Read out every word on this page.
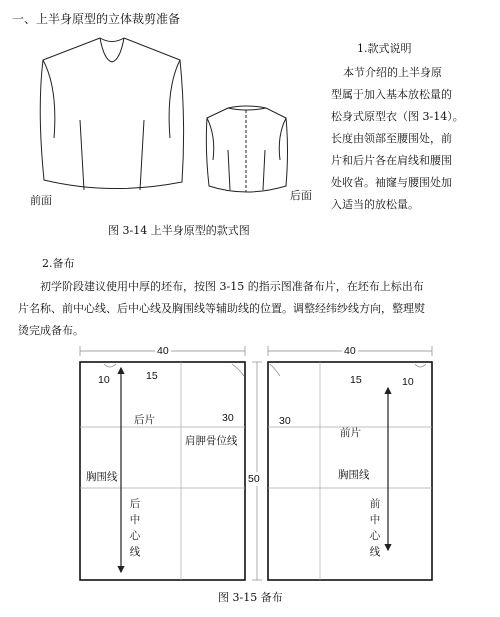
一、上半身原型的立体裁剪准备
前面	后面
图 3-14 上半身原型的款式图
1.款式说明
本节介绍的上半身原
型属于加入基本放松量的
松身式原型衣（图 3-14）。
长度由领部至腰围处，前
片和后片各在肩线和腰围
处收省。袖窿与腰围处加
入适当的放松量。
2.备布
初学阶段建议使用中厚的坯布，按图 3-15 的指示图准备布片，在坯布上标出布
片名称、前中心线、后中心线及胸围线等辅助线的位置。调整经纬纱线方向，整理熨
烫完成备布。
40
10	15
30
后片
肩胛骨位线
胸围线
后
中
心
线
50
40
10
15
30
前片
胸围线
前
中
心
线
图 3-15 备布
